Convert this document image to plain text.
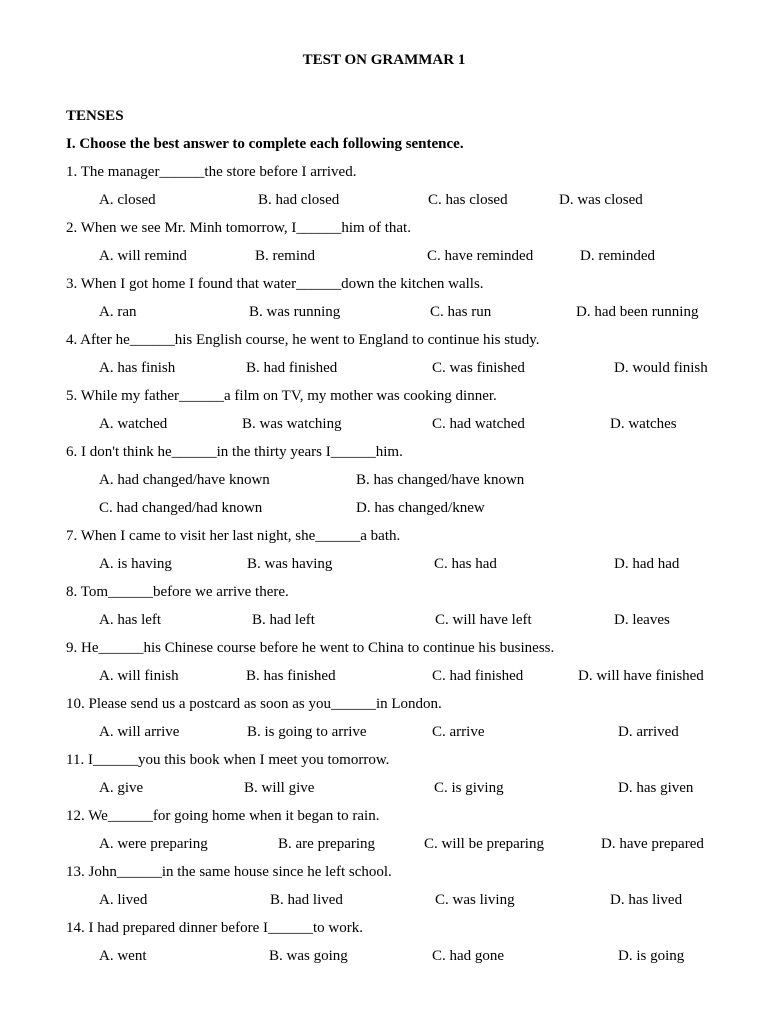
TEST ON GRAMMAR 1
TENSES
I. Choose the best answer to complete each following sentence.
1. The manager______the store before I arrived.
A. closed	B. had closed	C. has closed	D. was closed
2. When we see Mr. Minh tomorrow, I______him of that.
A. will remind	B. remind	C. have reminded	D. reminded
3. When I got home I found that water______down the kitchen walls.
A. ran	B. was running	C. has run	D. had been running
4. After he______his English course, he went to England to continue his study.
A. has finish	B. had finished	C. was finished	D. would finish
5. While my father______a film on TV, my mother was cooking dinner.
A. watched	B. was watching	C. had watched	D. watches
6. I don't think he______in the thirty years I______him.
A. had changed/have known	B. has changed/have known
C. had changed/had known	D. has changed/knew
7. When I came to visit her last night, she______a bath.
A. is having	B. was having	C. has had	D. had had
8. Tom______before we arrive there.
A. has left	B. had left	C. will have left	D. leaves
9. He______his Chinese course before he went to China to continue his business.
A. will finish	B. has finished	C. had finished	D. will have finished
10. Please send us a postcard as soon as you______in London.
A. will arrive	B. is going to arrive	C. arrive	D. arrived
11. I______you this book when I meet you tomorrow.
A. give	B. will give	C. is giving	D. has given
12. We______for going home when it began to rain.
A. were preparing	B. are preparing	C. will be preparing	D. have prepared
13. John______in the same house since he left school.
A. lived	B. had lived	C. was living	D. has lived
14. I had prepared dinner before I______to work.
A. went	B. was going	C. had gone	D. is going
